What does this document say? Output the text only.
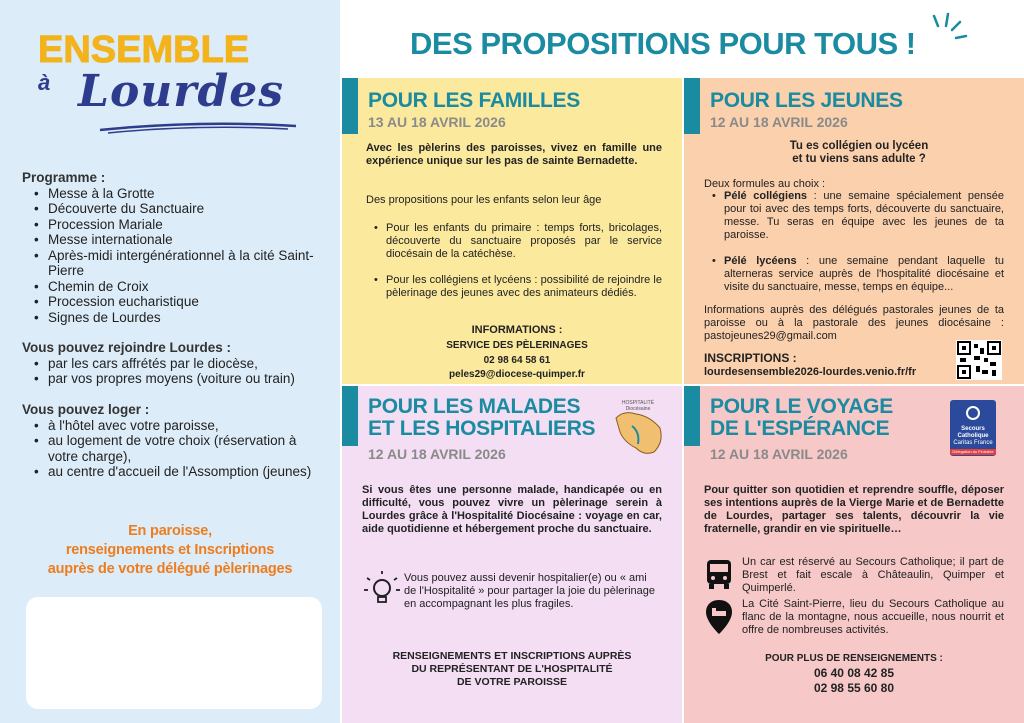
ENSEMBLE
à Lourdes
Programme :
• Messe à la Grotte
• Découverte du Sanctuaire
• Procession Mariale
• Messe internationale
• Après-midi intergénérationnel à la cité Saint-Pierre
• Chemin de Croix
• Procession eucharistique
• Signes de Lourdes
Vous pouvez rejoindre Lourdes :
• par les cars affrétés par le diocèse,
• par vos propres moyens (voiture ou train)
Vous pouvez loger :
• à l'hôtel avec votre paroisse,
• au logement de votre choix (réservation à votre charge),
• au centre d'accueil de l'Assomption (jeunes)
En paroisse,
renseignements et Inscriptions
auprès de votre délégué pèlerinages
DES PROPOSITIONS POUR TOUS !
POUR LES FAMILLES
13 AU 18 AVRIL 2026
Avec les pèlerins des paroisses, vivez en famille une expérience unique sur les pas de sainte Bernadette.
Des propositions pour les enfants selon leur âge
• Pour les enfants du primaire : temps forts, bricolages, découverte du sanctuaire proposés par le service diocésain de la catéchèse.
• Pour les collégiens et lycéens : possibilité de rejoindre le pèlerinage des jeunes avec des animateurs dédiés.
INFORMATIONS :
SERVICE DES PÈLERINAGES
02 98 64 58 61
peles29@diocese-quimper.fr
POUR LES JEUNES
12 AU 18 AVRIL 2026
Tu es collégien ou lycéen
et tu viens sans adulte ?
Deux formules au choix :
• Pélé collégiens : une semaine spécialement pensée pour toi avec des temps forts, découverte du sanctuaire, messe. Tu seras en équipe avec les jeunes de ta paroisse.
• Pélé lycéens : une semaine pendant laquelle tu alterneras service auprès de l'hospitalité diocésaine et visite du sanctuaire, messe, temps en équipe...
Informations auprès des délégués pastorales jeunes de ta paroisse ou à la pastorale des jeunes diocésaine : pastojeunes29@gmail.com
INSCRIPTIONS :
lourdesensemble2026-lourdes.venio.fr/fr
POUR LES MALADES
ET LES HOSPITALIERS
12 AU 18 AVRIL 2026
HOSPITALITÉ Diocésaine
Si vous êtes une personne malade, handicapée ou en difficulté, vous pouvez vivre un pèlerinage serein à Lourdes grâce à l'Hospitalité Diocésaine : voyage en car, aide quotidienne et hébergement proche du sanctuaire.
Vous pouvez aussi devenir hospitalier(e) ou « ami de l'Hospitalité » pour partager la joie du pèlerinage en accompagnant les plus fragiles.
RENSEIGNEMENTS ET INSCRIPTIONS AUPRÈS
DU REPRÉSENTANT DE L'HOSPITALITÉ
DE VOTRE PAROISSE
POUR LE VOYAGE
DE L'ESPÉRANCE
12 AU 18 AVRIL 2026
Secours
Catholique
Caritas France
Délégation du Finistère
Pour quitter son quotidien et reprendre souffle, déposer ses intentions auprès de la Vierge Marie et de Bernadette de Lourdes, partager ses talents, découvrir la vie fraternelle, grandir en vie spirituelle…
Un car est réservé au Secours Catholique; il part de Brest et fait escale à Châteaulin, Quimper et Quimperlé.
La Cité Saint-Pierre, lieu du Secours Catholique au flanc de la montagne, nous accueille, nous nourrit et offre de nombreuses activités.
POUR PLUS DE RENSEIGNEMENTS :
06 40 08 42 85
02 98 55 60 80
